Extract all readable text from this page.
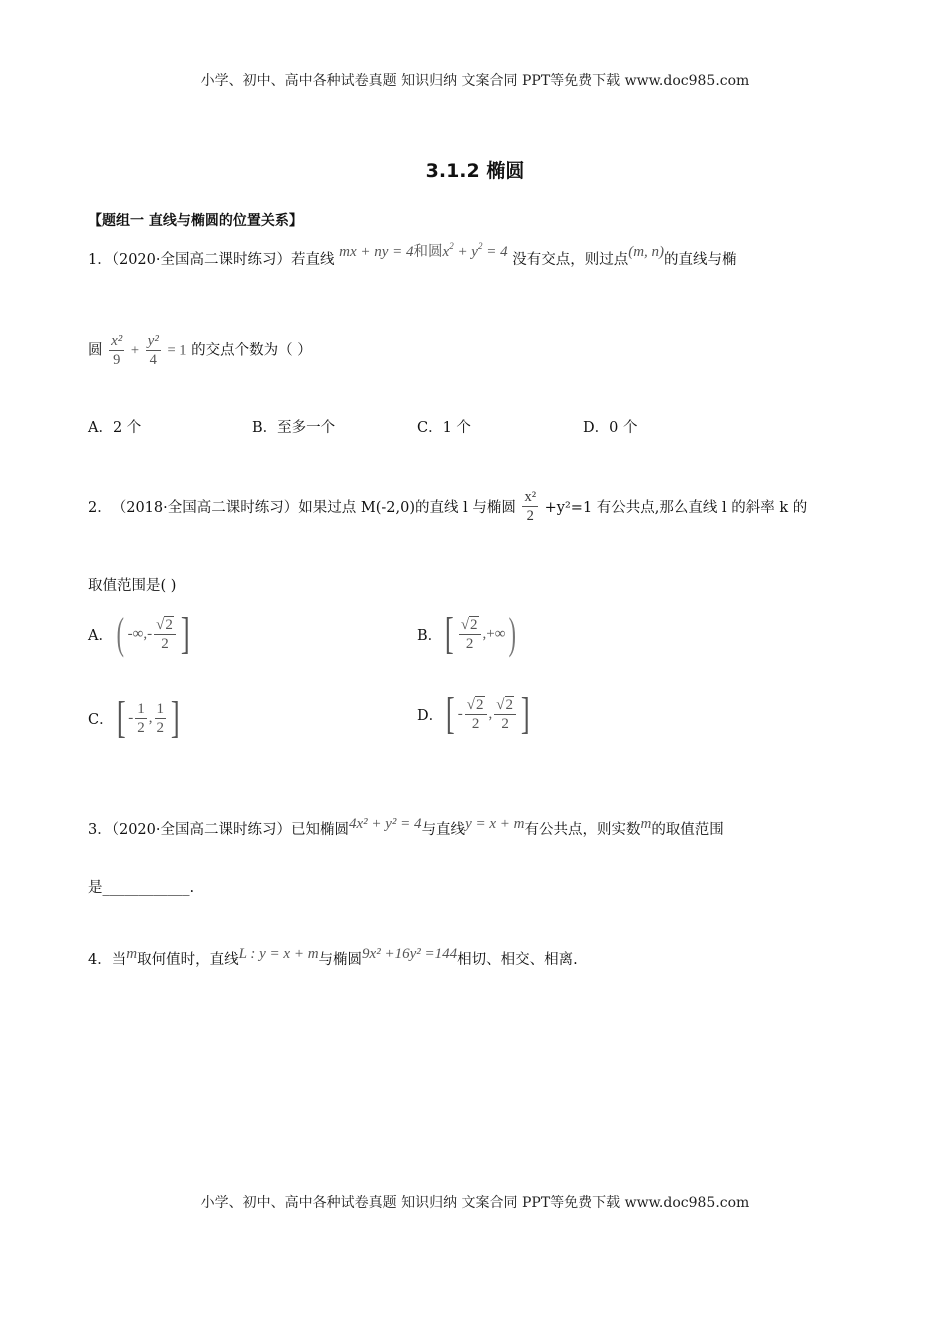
小学、初中、高中各种试卷真题 知识归纳 文案合同 PPT等免费下载 www.doc985.com
3.1.2 椭圆
【题组一 直线与椭圆的位置关系】
1．（2020·全国高二课时练习）若直线 mx + ny = 4和圆$x^2 + y^2 = 4$ 没有交点，则过点(m, n)的直线与椭
圆 $\frac{\text{x²}}{9} + \frac{\text{y²}}{4} = 1$ 的交点个数为（ ）
A．2 个	B．至多一个	C．1 个	D．0 个
2．（2018·全国高二课时练习）如果过点 M(-2,0)的直线 l 与椭圆 $\frac{\text{x²}}{2} +y^2=1$ 有公共点,那么直线 l 的斜率 k 的
取值范围是( )
A． ( -∞,- $\frac{√2}{2}$ ]	B． [ $\frac{√2}{2}$ ,+∞ )
C． [ - $\frac{1}{2}$ , $\frac{1}{2}$ ]	D． [ - $\frac{√2}{2}$ , $\frac{√2}{2}$ ]
3．（2020·全国高二课时练习）已知椭圆4x² + y² = 4与直线y = x + m有公共点，则实数m的取值范围
是____________.
4．当m取何值时，直线L : y = x + m与椭圆9x² +16y² =144相切、相交、相离.
小学、初中、高中各种试卷真题 知识归纳 文案合同 PPT等免费下载 www.doc985.com
